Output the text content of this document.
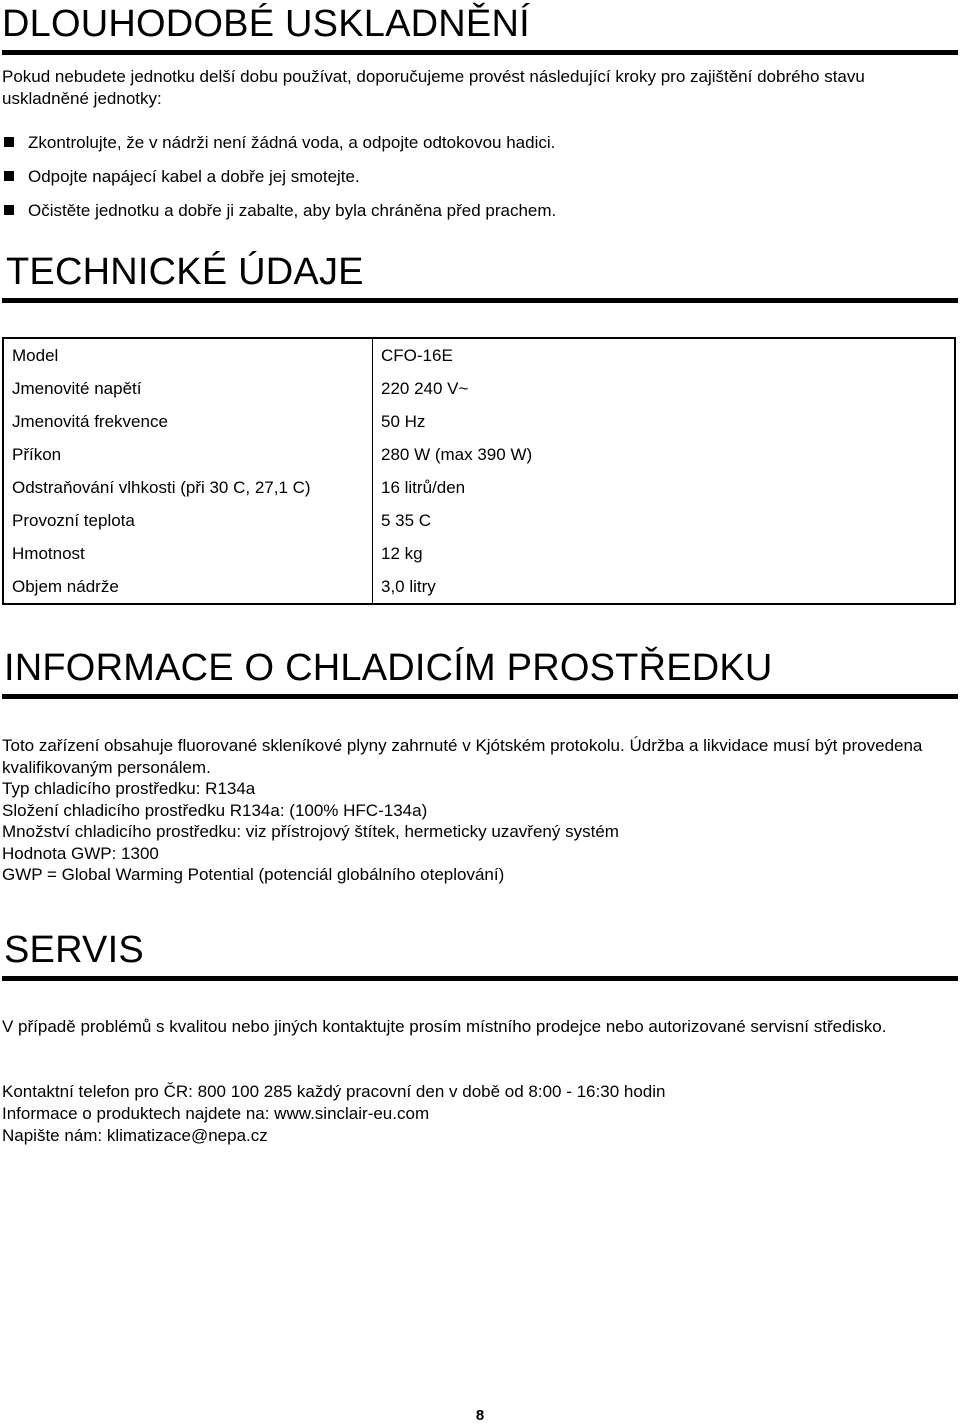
DLOUHODOBÉ USKLADNĚNÍ

Pokud nebudete jednotku delší dobu používat, doporučujeme provést následující kroky pro zajištění dobrého stavu uskladněné jednotky:

Zkontrolujte, že v nádrži není žádná voda, a odpojte odtokovou hadici.
Odpojte napájecí kabel a dobře jej smotejte.
Očistěte jednotku a dobře ji zabalte, aby byla chráněna před prachem.
TECHNICKÉ ÚDAJE
Model	CFO-16E
Jmenovité napětí	220 240 V~
Jmenovitá frekvence	50 Hz
Příkon	280 W (max 390 W)
Odstraňování vlhkosti (při 30 C, 27,1 C)	16 litrů/den
Provozní teplota	5 35 C
Hmotnost	12 kg
Objem nádrže	3,0 litry
INFORMACE O CHLADICÍM PROSTŘEDKU

Toto zařízení obsahuje fluorované skleníkové plyny zahrnuté v Kjótském protokolu. Údržba a likvidace musí být provedena kvalifikovaným personálem.

Typ chladicího prostředku: R134a

Složení chladicího prostředku R134a: (100% HFC-134a)

Množství chladicího prostředku: viz přístrojový štítek, hermeticky uzavřený systém

Hodnota GWP: 1300

GWP = Global Warming Potential (potenciál globálního oteplování)

SERVIS

V případě problémů s kvalitou nebo jiných kontaktujte prosím místního prodejce nebo autorizované servisní středisko.

Kontaktní telefon pro ČR: 800 100 285 každý pracovní den v době od 8:00 - 16:30 hodin

Informace o produktech najdete na: www.sinclair-eu.com

Napište nám: klimatizace@nepa.cz

8
